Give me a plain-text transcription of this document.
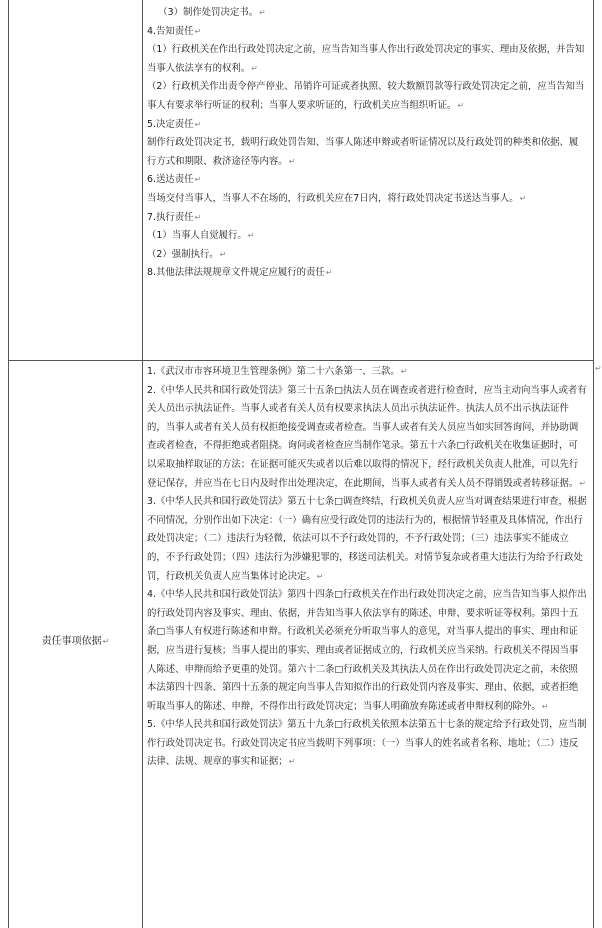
（3）制作处罚决定书。↵

4.告知责任↵

（1）行政机关在作出行政处罚决定之前，应当告知当事人作出行政处罚决定的事实、理由及依据，并告知当事人依法享有的权利。↵

（2）行政机关作出责令停产停业、吊销许可证或者执照、较大数额罚款等行政处罚决定之前，应当告知当事人有要求举行听证的权利；当事人要求听证的，行政机关应当组织听证。↵

5.决定责任↵

制作行政处罚决定书，载明行政处罚告知、当事人陈述申辩或者听证情况以及行政处罚的种类和依据、履行方式和期限、救济途径等内容。↵

6.送达责任↵

当场交付当事人，当事人不在场的，行政机关应在7日内，将行政处罚决定书送达当事人。↵

7.执行责任↵

（1）当事人自觉履行。↵

（2）强制执行。↵

8.其他法律法规规章文件规定应履行的责任↵

责任事项依据↵

1.《武汉市市容环境卫生管理条例》第二十六条第一、三款。↵

2.《中华人民共和国行政处罚法》第三十五条□执法人员在调查或者进行检查时，应当主动向当事人或者有关人员出示执法证件。当事人或者有关人员有权要求执法人员出示执法证件。执法人员不出示执法证件的，当事人或者有关人员有权拒绝接受调查或者检查。当事人或者有关人员应当如实回答询问，并协助调查或者检查，不得拒绝或者阻挠。询问或者检查应当制作笔录。第五十六条□行政机关在收集证据时，可以采取抽样取证的方法；在证据可能灭失或者以后难以取得的情况下，经行政机关负责人批准，可以先行登记保存，并应当在七日内及时作出处理决定，在此期间，当事人或者有关人员不得销毁或者转移证据。↵

3.《中华人民共和国行政处罚法》第五十七条□调查终结，行政机关负责人应当对调查结果进行审查，根据不同情况，分别作出如下决定：（一）确有应受行政处罚的违法行为的，根据情节轻重及具体情况，作出行政处罚决定；（二）违法行为轻微，依法可以不予行政处罚的，不予行政处罚；（三）违法事实不能成立的，不予行政处罚；（四）违法行为涉嫌犯罪的，移送司法机关。对情节复杂或者重大违法行为给予行政处罚，行政机关负责人应当集体讨论决定。↵

4.《中华人民共和国行政处罚法》第四十四条□行政机关在作出行政处罚决定之前，应当告知当事人拟作出的行政处罚内容及事实、理由、依据，并告知当事人依法享有的陈述、申辩、要求听证等权利。第四十五条□当事人有权进行陈述和申辩。行政机关必须充分听取当事人的意见，对当事人提出的事实、理由和证据，应当进行复核；当事人提出的事实、理由或者证据成立的，行政机关应当采纳。行政机关不得因当事人陈述、申辩而给予更重的处罚。第六十二条□行政机关及其执法人员在作出行政处罚决定之前，未依照本法第四十四条、第四十五条的规定向当事人告知拟作出的行政处罚内容及事实、理由、依据，或者拒绝听取当事人的陈述、申辩，不得作出行政处罚决定；当事人明确放弃陈述或者申辩权利的除外。↵

5.《中华人民共和国行政处罚法》第五十九条□行政机关依照本法第五十七条的规定给予行政处罚，应当制作行政处罚决定书。行政处罚决定书应当载明下列事项：（一）当事人的姓名或者名称、地址；（二）违反法律、法规、规章的事实和证据；↵

↵
